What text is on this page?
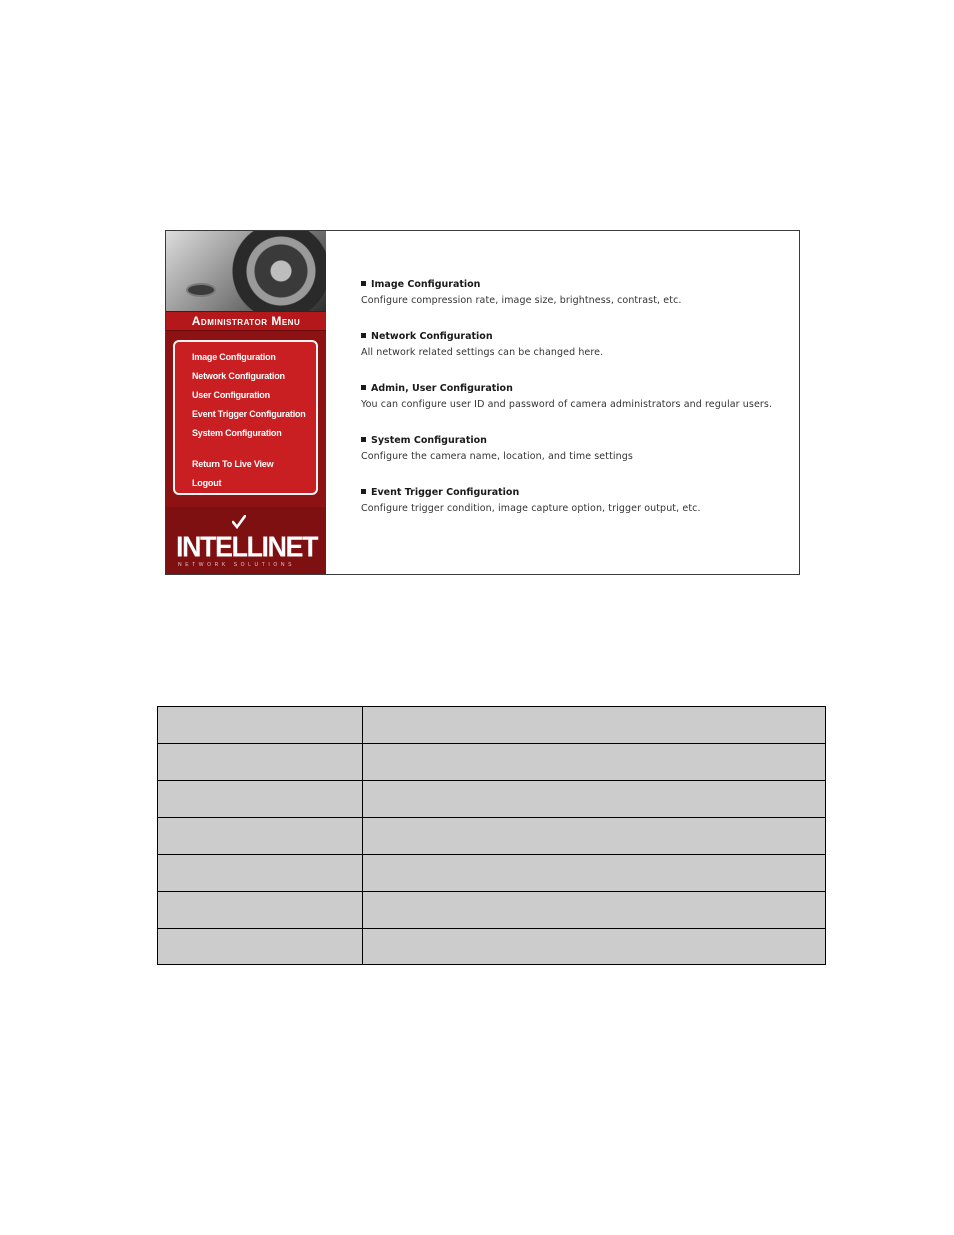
Administrator Menu
Image Configuration
Network Configuration
User Configuration
Event Trigger Configuration
System Configuration
Return To Live View
Logout
INTELLINET
NETWORK SOLUTIONS
Image Configuration
Configure compression rate, image size, brightness, contrast, etc.
Network Configuration
All network related settings can be changed here.
Admin, User Configuration
You can configure user ID and password of camera administrators and regular users.
System Configuration
Configure the camera name, location, and time settings
Event Trigger Configuration
Configure trigger condition, image capture option, trigger output, etc.
